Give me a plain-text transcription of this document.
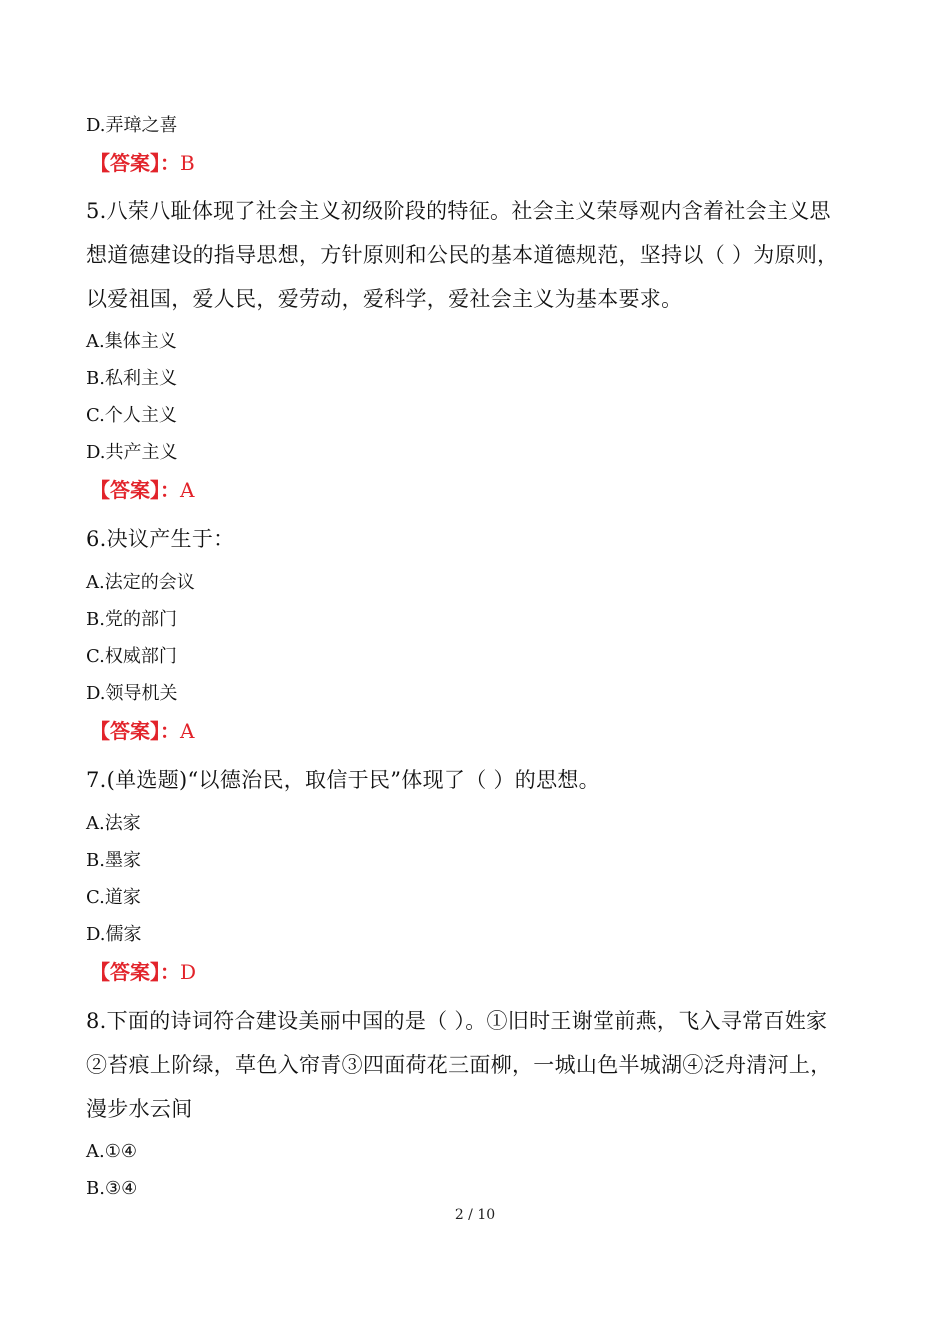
D.弄璋之喜
【答案】：B
5.八荣八耻体现了社会主义初级阶段的特征。社会主义荣辱观内含着社会主义思
想道德建设的指导思想，方针原则和公民的基本道德规范，坚持以（ ）为原则，
以爱祖国，爱人民，爱劳动，爱科学，爱社会主义为基本要求。
A.集体主义
B.私利主义
C.个人主义
D.共产主义
【答案】：A
6.决议产生于：
A.法定的会议
B.党的部门
C.权威部门
D.领导机关
【答案】：A
7.(单选题)“以德治民，取信于民”体现了（ ）的思想。
A.法家
B.墨家
C.道家
D.儒家
【答案】：D
8.下面的诗词符合建设美丽中国的是（ ）。①旧时王谢堂前燕，飞入寻常百姓家
②苔痕上阶绿，草色入帘青③四面荷花三面柳，一城山色半城湖④泛舟清河上，
漫步水云间
A.①④
B.③④
2 / 10
